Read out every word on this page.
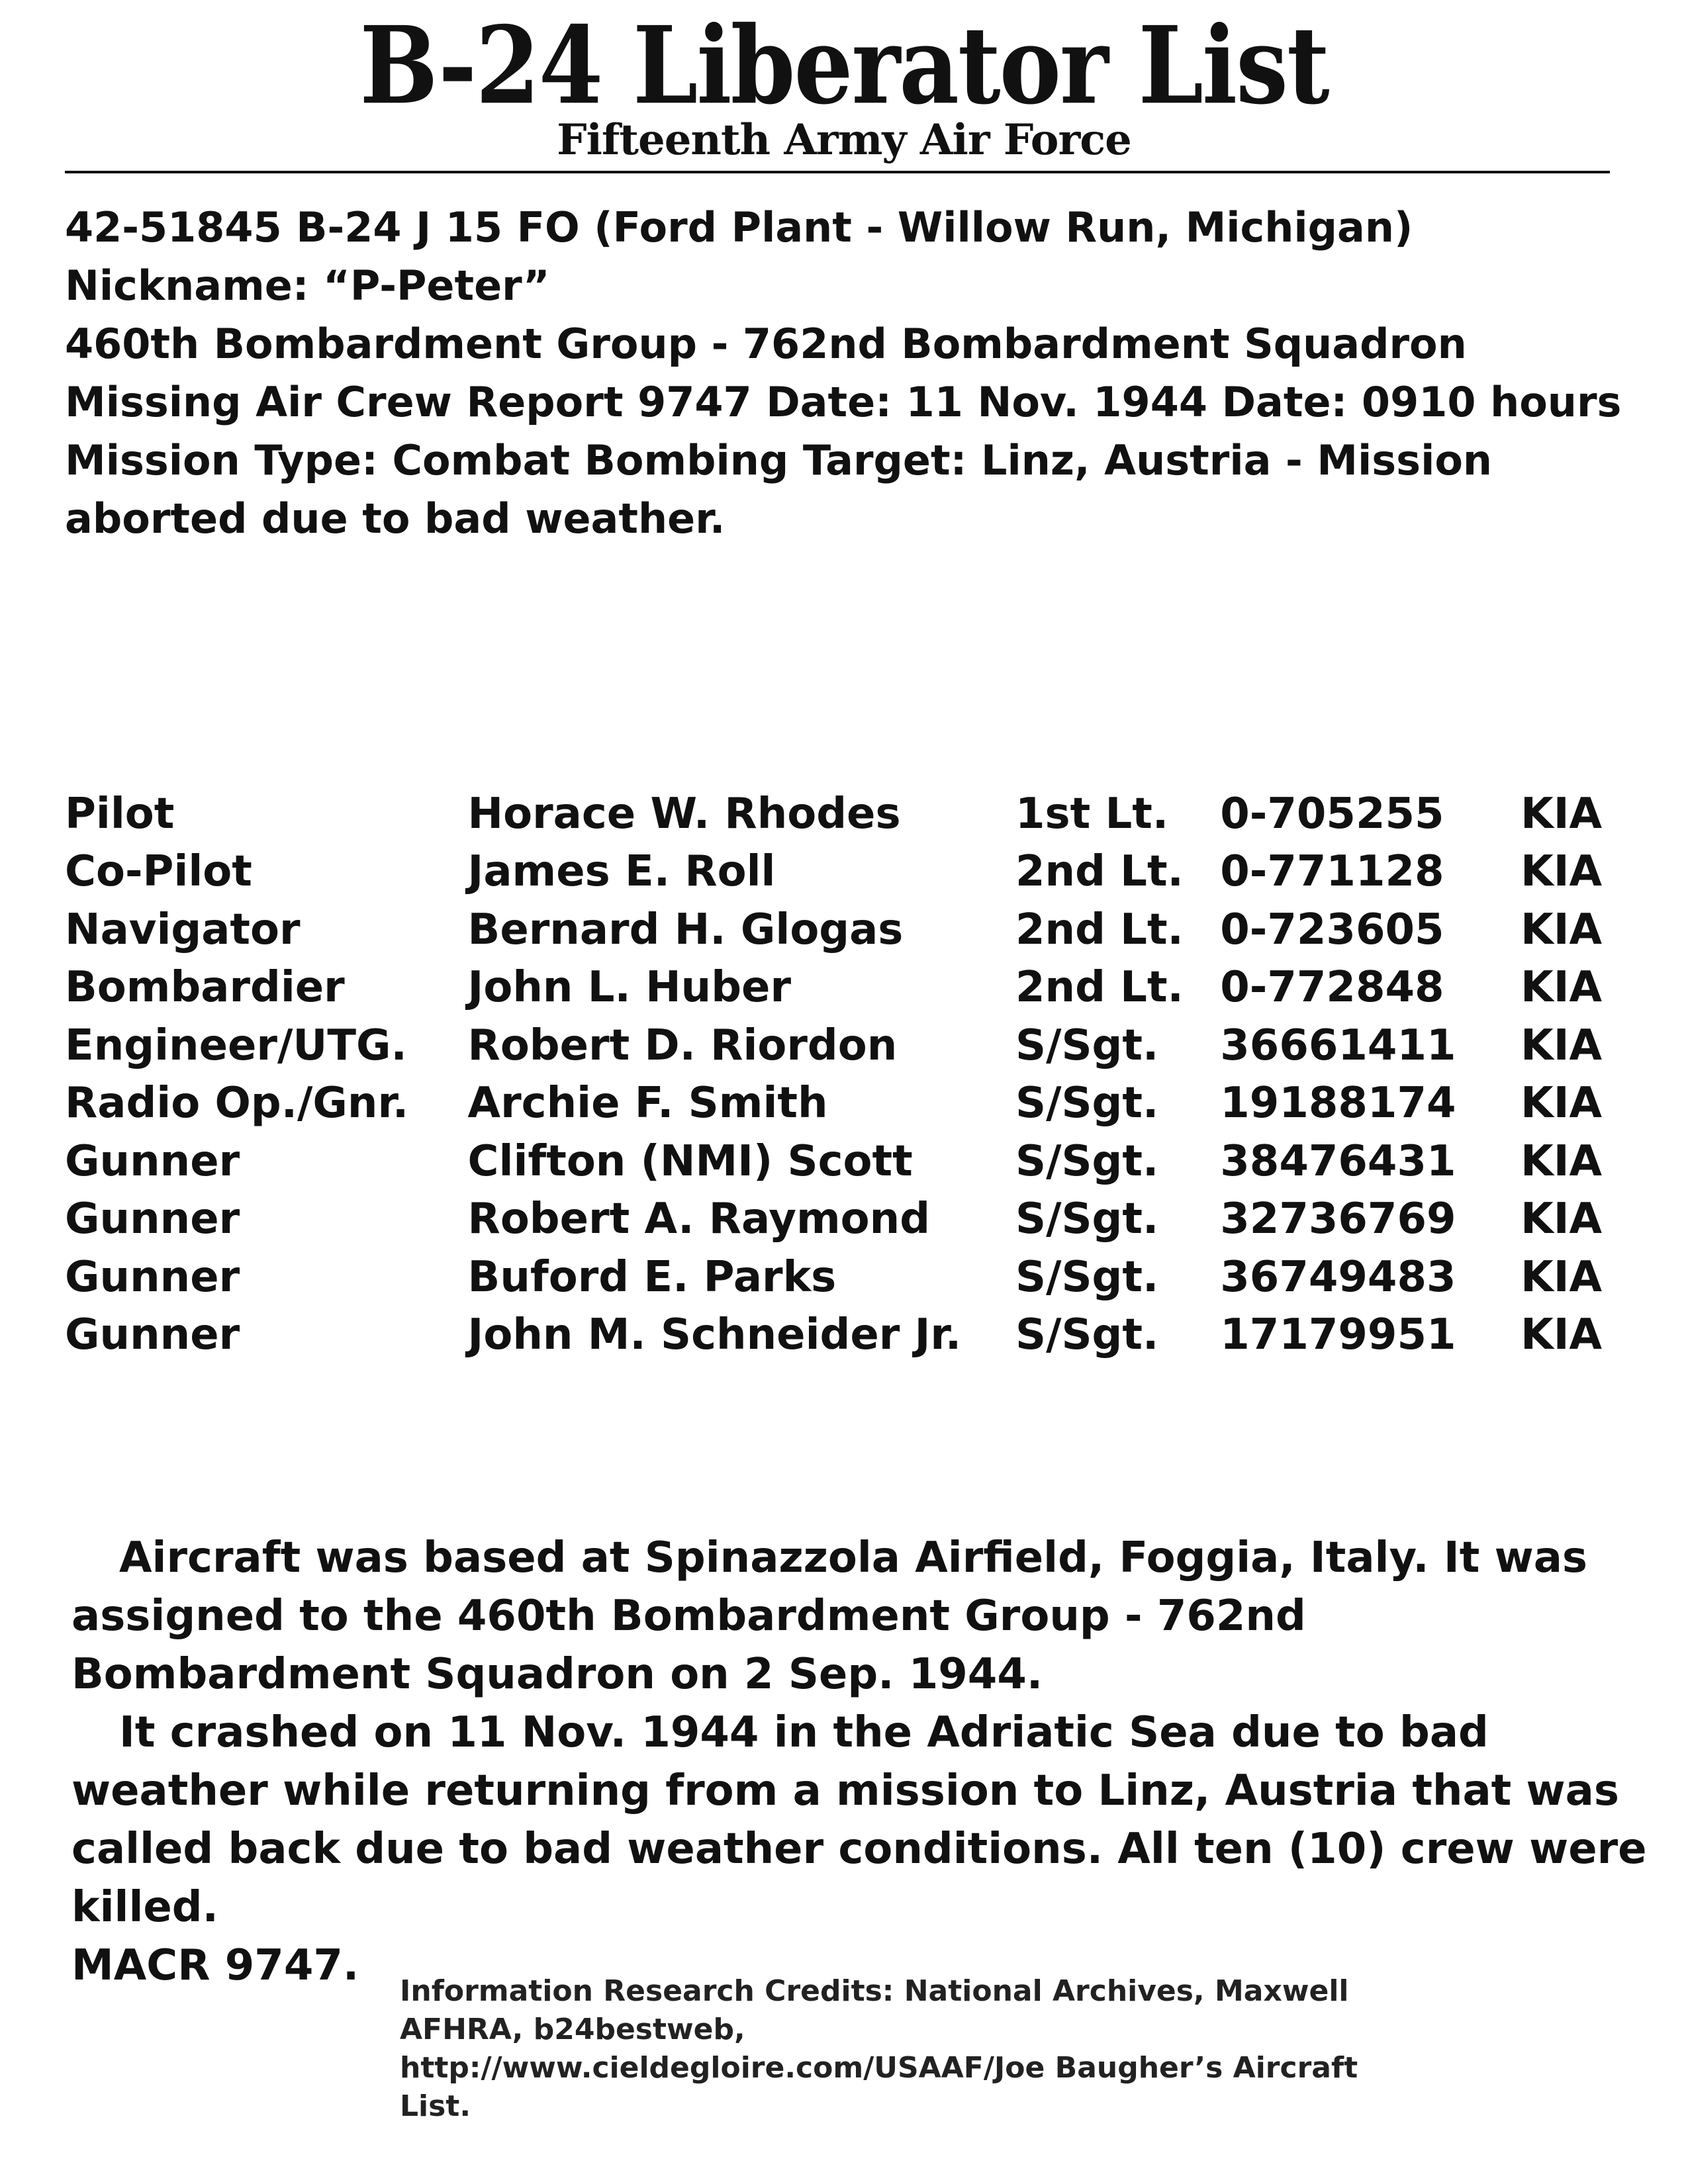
B-24 Liberator List
Fifteenth Army Air Force
42-51845 B-24 J 15 FO (Ford Plant - Willow Run, Michigan)
Nickname: “P-Peter”
460th Bombardment Group - 762nd Bombardment Squadron
Missing Air Crew Report 9747 Date: 11 Nov. 1944 Date: 0910 hours
Mission Type: Combat Bombing Target: Linz, Austria - Mission aborted due to bad weather.
Pilot	Horace W. Rhodes	1st Lt.	0-705255	KIA
Co-Pilot	James E. Roll	2nd Lt.	0-771128	KIA
Navigator	Bernard H. Glogas	2nd Lt.	0-723605	KIA
Bombardier	John L. Huber	2nd Lt.	0-772848	KIA
Engineer/UTG.	Robert D. Riordon	S/Sgt.	36661411	KIA
Radio Op./Gnr.	Archie F. Smith	S/Sgt.	19188174	KIA
Gunner	Clifton (NMI) Scott	S/Sgt.	38476431	KIA
Gunner	Robert A. Raymond	S/Sgt.	32736769	KIA
Gunner	Buford E. Parks	S/Sgt.	36749483	KIA
Gunner	John M. Schneider Jr.	S/Sgt.	17179951	KIA

Aircraft was based at Spinazzola Airfield, Foggia, Italy. It was assigned to the 460th Bombardment Group - 762nd Bombardment Squadron on 2 Sep. 1944.

It crashed on 11 Nov. 1944 in the Adriatic Sea due to bad weather while returning from a mission to Linz, Austria that was called back due to bad weather conditions. All ten (10) crew were killed.

MACR 9747.

Information Research Credits: National Archives, Maxwell AFHRA, b24bestweb, http://www.cieldegloire.com/USAAF/Joe Baugher’s Aircraft List.
